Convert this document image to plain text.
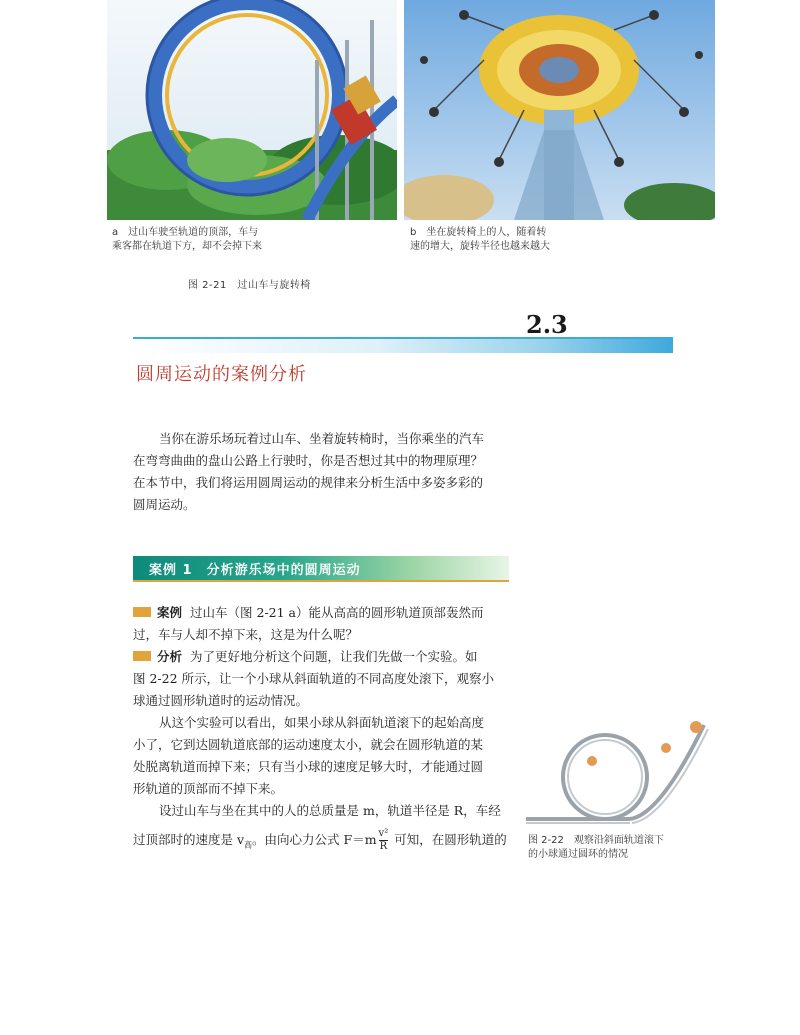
a　过山车驶至轨道的顶部，车与
乘客都在轨道下方，却不会掉下来
b　坐在旋转椅上的人，随着转
速的增大，旋转半径也越来越大
图 2-21　过山车与旋转椅
2.3
圆周运动的案例分析
当你在游乐场玩着过山车、坐着旋转椅时，当你乘坐的汽车
在弯弯曲曲的盘山公路上行驶时，你是否想过其中的物理原理？
在本节中，我们将运用圆周运动的规律来分析生活中多姿多彩的
圆周运动。
案例 1　分析游乐场中的圆周运动
案例 过山车（图 2-21 a）能从高高的圆形轨道顶部轰然而
过，车与人却不掉下来，这是为什么呢？
分析 为了更好地分析这个问题，让我们先做一个实验。如
图 2-22 所示，让一个小球从斜面轨道的不同高度处滚下，观察小
球通过圆形轨道时的运动情况。
从这个实验可以看出，如果小球从斜面轨道滚下的起始高度
小了，它到达圆轨道底部的运动速度太小，就会在圆形轨道的某
处脱离轨道而掉下来；只有当小球的速度足够大时，才能通过圆
形轨道的顶部而不掉下来。
设过山车与坐在其中的人的总质量是 m，轨道半径是 R，车经
过顶部时的速度是 $v_高$。由向心力公式 $F=m \frac{\text{v²}}{R}$ 可知，在圆形轨道的 图 2-22　观察沿斜面轨道滚下
的小球通过圆环的情况
